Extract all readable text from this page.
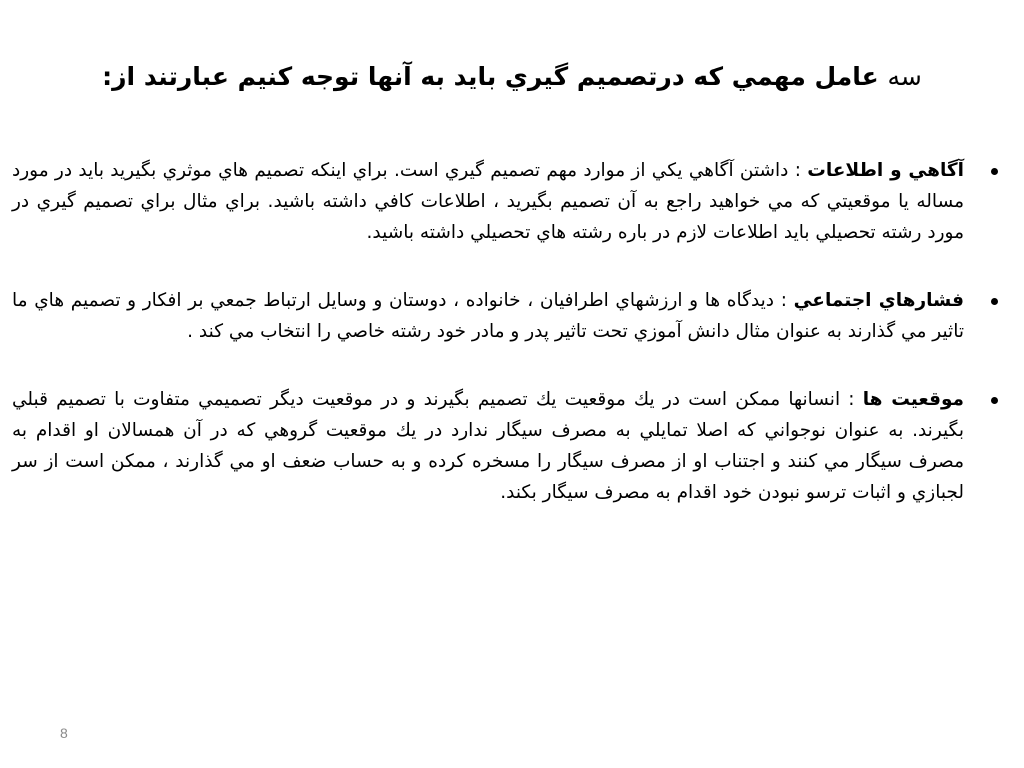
سه عامل مهمي که درتصميم گيري بايد به آنها توجه کنيم عبارتند از:
آگاهي و اطلاعات : داشتن آگاهي يکي از موارد مهم تصميم گيري است. براي اينکه تصميم هاي موثري بگيريد بايد در مورد مساله يا موقعيتي که مي خواهيد راجع به آن تصميم بگيريد ، اطلاعات کافي داشته باشيد. براي مثال براي تصميم گيري در مورد رشته تحصيلي بايد اطلاعات لازم در باره رشته هاي تحصيلي داشته باشيد.
فشارهاي اجتماعي : ديدگاه ها و ارزشهاي اطرافيان ، خانواده ، دوستان و وسايل ارتباط جمعي بر افکار و تصميم هاي ما تاثير مي گذارند به عنوان مثال دانش آموزي تحت تاثير پدر و مادر خود رشته خاصي را انتخاب مي کند .
موقعيت ها : انسانها ممکن است در يك موقعيت يك تصميم بگيرند و در موقعيت ديگر تصميمي متفاوت با تصميم قبلي بگيرند. به عنوان نوجواني که اصلا تمايلي به مصرف سيگار ندارد در يك موقعيت گروهي که در آن همسالان او اقدام به مصرف سيگار مي کنند و اجتناب او از مصرف سيگار را مسخره کرده و به حساب ضعف او مي گذارند ، ممکن است از سر لجبازي و اثبات ترسو نبودن خود اقدام به مصرف سيگار بکند.
8
